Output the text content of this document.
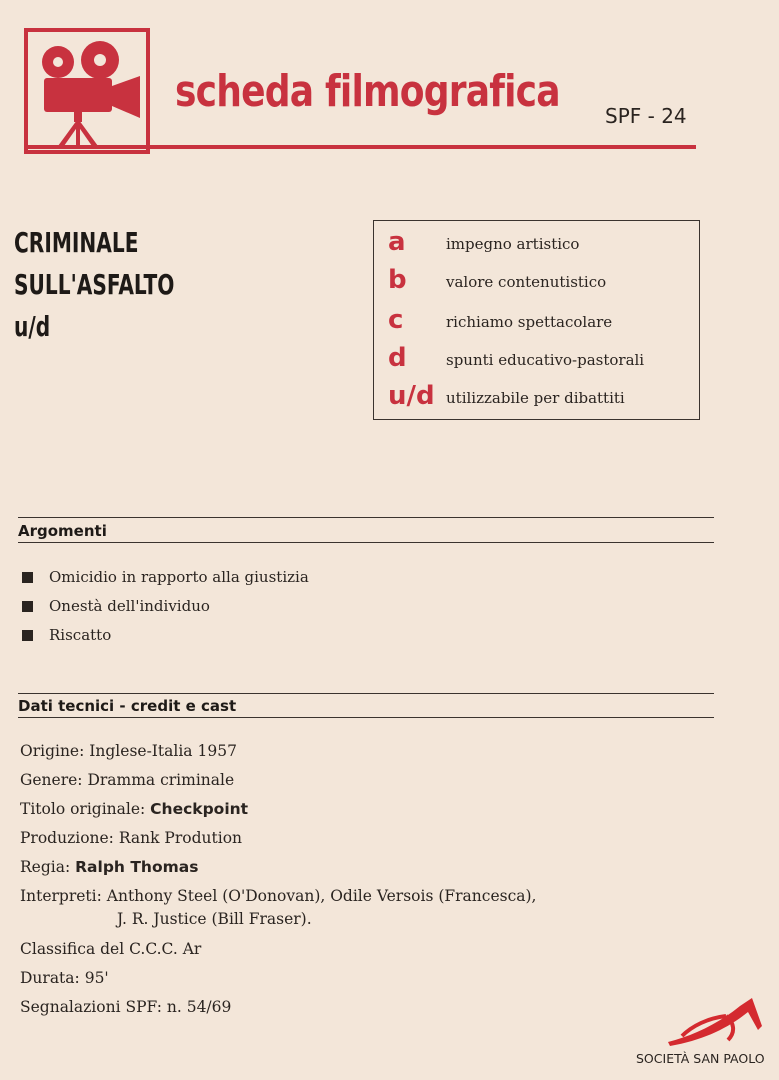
scheda filmografica SPF - 24
CRIMINALE
SULL'ASFALTO
u/d
a	impegno artistico
b	valore contenutistico
c	richiamo spettacolare
d	spunti educativo-pastorali
u/d utilizzabile per dibattiti
Argomenti
Omicidio in rapporto alla giustizia
Onestà dell'individuo
Riscatto
Dati tecnici - credit e cast
Origine: Inglese-Italia 1957
Genere: Dramma criminale
Titolo originale: Checkpoint
Produzione: Rank Prodution
Regia: Ralph Thomas
Interpreti: Anthony Steel (O'Donovan), Odile Versois (Francesca),
J. R. Justice (Bill Fraser).
Classifica del C.C.C. Ar
Durata: 95'
Segnalazioni SPF: n. 54/69
SOCIETÀ SAN PAOLO
